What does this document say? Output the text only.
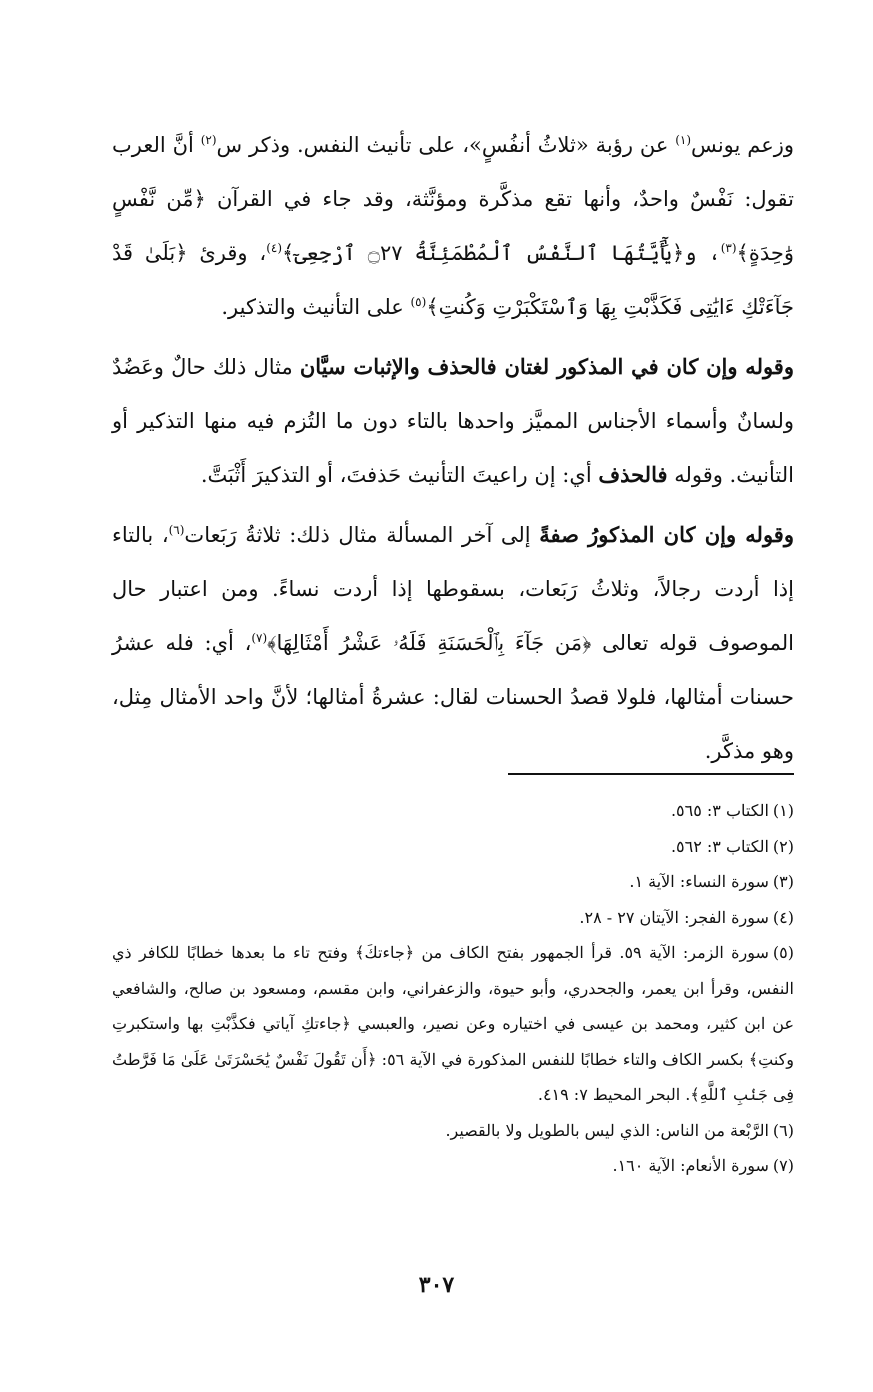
وزعم يونس$^{(١)}$ عن رؤبة «ثلاثُ أنفُسٍ»، على تأنيث النفس. وذكر س$^{(٢)}$ أنَّ العرب تقول: نَفْسٌ واحدٌ، وأنها تقع مذكَّرة ومؤنَّثة، وقد جاء في القرآن ﴿مِّن نَّفْسٍ وَٰحِدَةٍ﴾$^{(٣)}$، و﴿يَٰٓأَيَّتُهَا ٱلنَّفْسُ ٱلْمُطْمَئِنَّةُ ۝٢٧ ٱرْجِعِىٓ﴾$^{(٤)}$، وقرئ ﴿بَلَىٰ قَدْ جَآءَتْكِ ءَايَٰتِى فَكَذَّبْتِ بِهَا وَٱسْتَكْبَرْتِ وَكُنتِ﴾$^{(٥)}$ على التأنيث والتذكير.

وقوله وإن كان في المذكور لغتان فالحذف والإثبات سيَّان مثال ذلك حالٌ وعَضُدٌ ولسانٌ وأسماء الأجناس المميَّز واحدها بالتاء دون ما التُزم فيه منها التذكير أو التأنيث. وقوله فالحذف أي: إن راعيتَ التأنيث حَذفتَ، أو التذكيرَ أَثْبَتَّ.

وقوله وإن كان المذكورُ صفةً إلى آخر المسألة مثال ذلك: ثلاثةُ رَبَعات$^{(٦)}$، بالتاء إذا أردت رجالاً، وثلاثُ رَبَعات، بسقوطها إذا أردت نساءً. ومن اعتبار حال الموصوف قوله تعالى ﴿مَن جَآءَ بِٱلْحَسَنَةِ فَلَهُۥ عَشْرُ أَمْثَالِهَا﴾$^{(٧)}$، أي: فله عشرُ حسنات أمثالها، فلولا قصدُ الحسنات لقال: عشرةُ أمثالها؛ لأنَّ واحد الأمثال مِثل، وهو مذكَّر.

(١)الكتاب ٣: ٥٦٥.

(٢)الكتاب ٣: ٥٦٢.

(٣)سورة النساء: الآية ١.

(٤)سورة الفجر: الآيتان ٢٧ - ٢٨.

(٥)سورة الزمر: الآية ٥٩. قرأ الجمهور بفتح الكاف من ﴿جاءتكَ﴾ وفتح تاء ما بعدها خطابًا للكافر ذي النفس، وقرأ ابن يعمر، والجحدري، وأبو حيوة، والزعفراني، وابن مقسم، ومسعود بن صالح، والشافعي عن ابن كثير، ومحمد بن عيسى في اختياره وعن نصير، والعبسي ﴿جاءتكِ آياتي فكذَّبْتِ بها واستكبرتِ وكنتِ﴾ بكسر الكاف والتاء خطابًا للنفس المذكورة في الآية ٥٦: ﴿أَن تَقُولَ نَفْسٌ يَٰحَسْرَتَىٰ عَلَىٰ مَا فَرَّطتُ فِى جَنۢبِ ٱللَّهِ﴾. البحر المحيط ٧: ٤١٩.

(٦)الرَّبْعة من الناس: الذي ليس بالطويل ولا بالقصير.

(٧)سورة الأنعام: الآية ١٦٠.

٣٠٧
